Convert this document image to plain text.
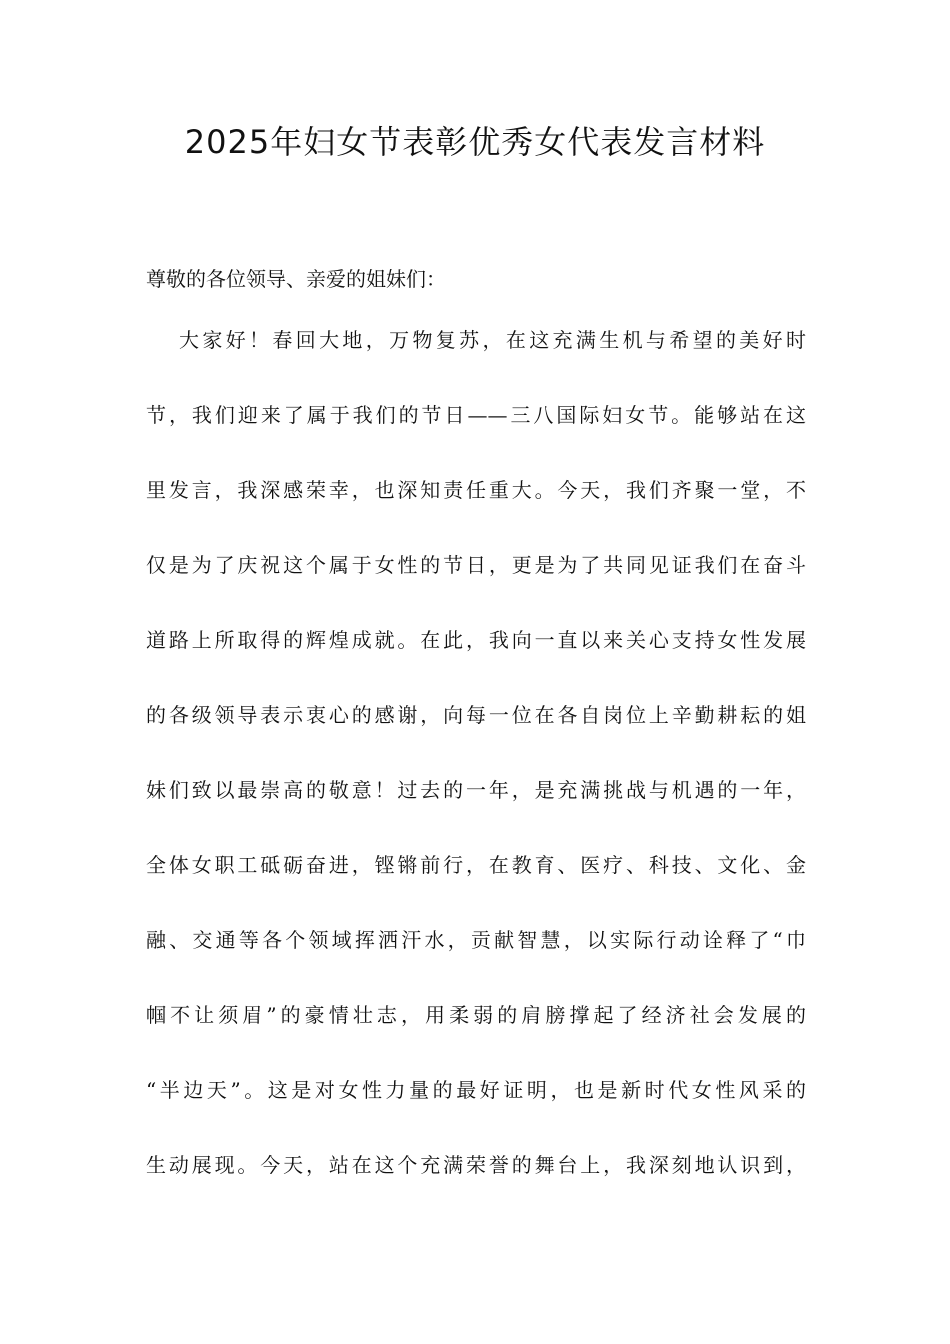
2025年妇女节表彰优秀女代表发言材料
尊敬的各位领导、亲爱的姐妹们：
大家好！春回大地，万物复苏，在这充满生机与希望的美好时
节，我们迎来了属于我们的节日——三八国际妇女节。能够站在这
里发言，我深感荣幸，也深知责任重大。今天，我们齐聚一堂，不
仅是为了庆祝这个属于女性的节日，更是为了共同见证我们在奋斗
道路上所取得的辉煌成就。在此，我向一直以来关心支持女性发展
的各级领导表示衷心的感谢，向每一位在各自岗位上辛勤耕耘的姐
妹们致以最崇高的敬意！过去的一年，是充满挑战与机遇的一年，
全体女职工砥砺奋进，铿锵前行，在教育、医疗、科技、文化、金
融、交通等各个领域挥洒汗水，贡献智慧，以实际行动诠释了“巾
帼不让须眉”的豪情壮志，用柔弱的肩膀撑起了经济社会发展的
“半边天”。这是对女性力量的最好证明，也是新时代女性风采的
生动展现。今天，站在这个充满荣誉的舞台上，我深刻地认识到，
